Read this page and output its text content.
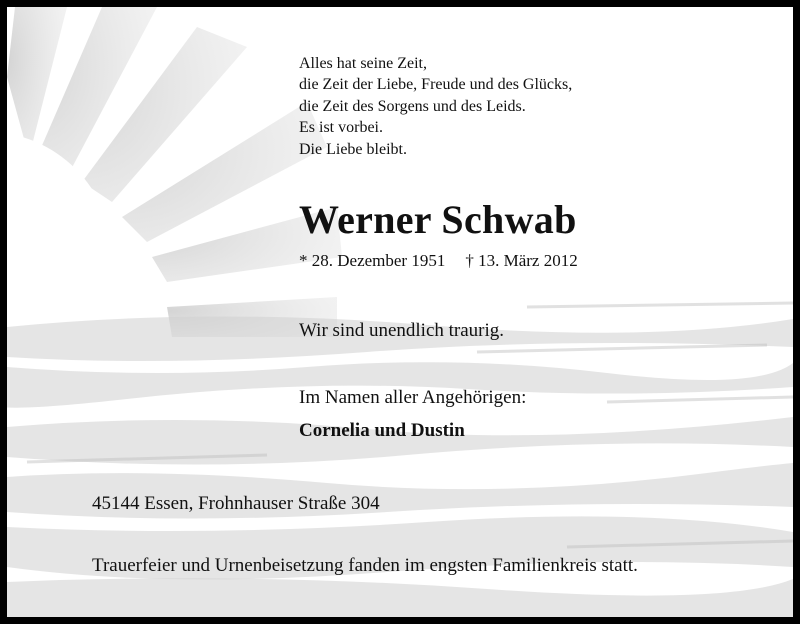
Alles hat seine Zeit,
die Zeit der Liebe, Freude und des Glücks,
die Zeit des Sorgens und des Leids.
Es ist vorbei.
Die Liebe bleibt.
Werner Schwab
* 28. Dezember 1951 † 13. März 2012
Wir sind unendlich traurig.
Im Namen aller Angehörigen:
Cornelia und Dustin
45144 Essen, Frohnhauser Straße 304
Trauerfeier und Urnenbeisetzung fanden im engsten Familienkreis statt.
